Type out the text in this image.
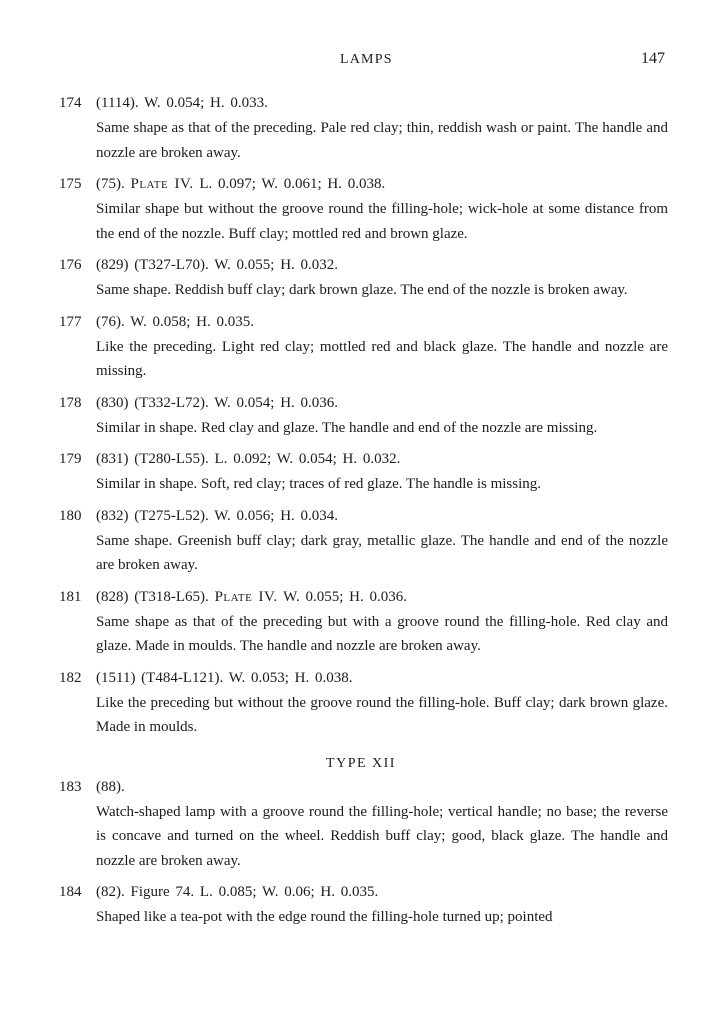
LAMPS	147
174 (1114). W. 0.054; H. 0.033.

Same shape as that of the preceding. Pale red clay; thin, reddish wash or paint. The handle and nozzle are broken away.

175 (75). Plate IV. L. 0.097; W. 0.061; H. 0.038.

Similar shape but without the groove round the filling-hole; wick-hole at some distance from the end of the nozzle. Buff clay; mottled red and brown glaze.

176 (829) (T327-L70). W. 0.055; H. 0.032.

Same shape. Reddish buff clay; dark brown glaze. The end of the nozzle is broken away.

177 (76). W. 0.058; H. 0.035.

Like the preceding. Light red clay; mottled red and black glaze. The handle and nozzle are missing.

178 (830) (T332-L72). W. 0.054; H. 0.036.

Similar in shape. Red clay and glaze. The handle and end of the nozzle are missing.

179 (831) (T280-L55). L. 0.092; W. 0.054; H. 0.032.

Similar in shape. Soft, red clay; traces of red glaze. The handle is missing.

180 (832) (T275-L52). W. 0.056; H. 0.034.

Same shape. Greenish buff clay; dark gray, metallic glaze. The handle and end of the nozzle are broken away.

181 (828) (T318-L65). Plate IV. W. 0.055; H. 0.036.

Same shape as that of the preceding but with a groove round the filling-hole. Red clay and glaze. Made in moulds. The handle and nozzle are broken away.

182 (1511) (T484-L121). W. 0.053; H. 0.038.

Like the preceding but without the groove round the filling-hole. Buff clay; dark brown glaze. Made in moulds.

TYPE XII
183 (88).

Watch-shaped lamp with a groove round the filling-hole; vertical handle; no base; the reverse is concave and turned on the wheel. Reddish buff clay; good, black glaze. The handle and nozzle are broken away.

184 (82). Figure 74. L. 0.085; W. 0.06; H. 0.035.

Shaped like a tea-pot with the edge round the filling-hole turned up; pointed
